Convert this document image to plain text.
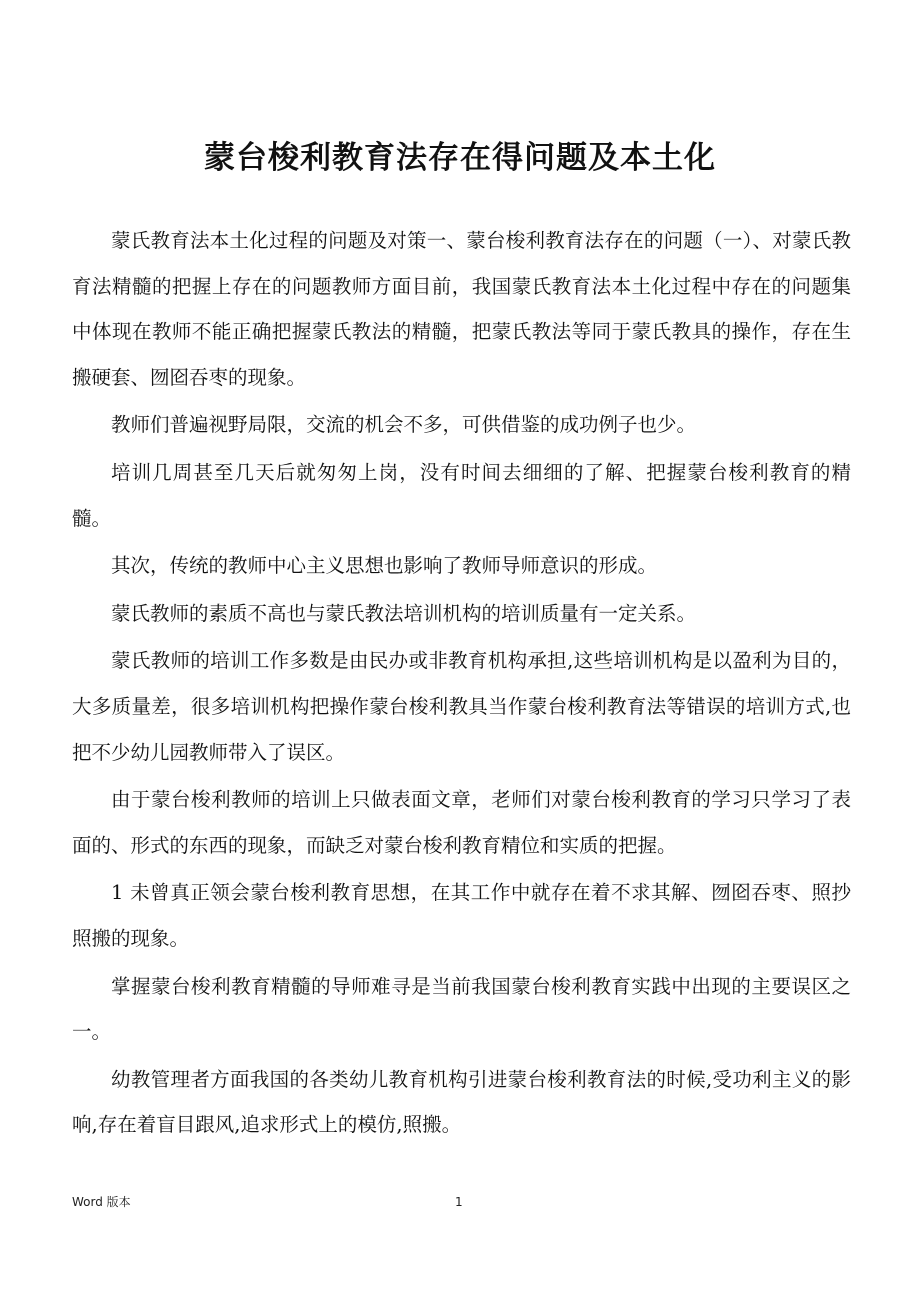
蒙台梭利教育法存在得问题及本土化

蒙氏教育法本土化过程的问题及对策一、蒙台梭利教育法存在的问题（一）、对蒙氏教育法精髓的把握上存在的问题教师方面目前，我国蒙氏教育法本土化过程中存在的问题集中体现在教师不能正确把握蒙氏教法的精髓，把蒙氏教法等同于蒙氏教具的操作，存在生搬硬套、囫囵吞枣的现象。

教师们普遍视野局限，交流的机会不多，可供借鉴的成功例子也少。

培训几周甚至几天后就匆匆上岗，没有时间去细细的了解、把握蒙台梭利教育的精髓。

其次，传统的教师中心主义思想也影响了教师导师意识的形成。

蒙氏教师的素质不高也与蒙氏教法培训机构的培训质量有一定关系。

蒙氏教师的培训工作多数是由民办或非教育机构承担,这些培训机构是以盈利为目的，大多质量差，很多培训机构把操作蒙台梭利教具当作蒙台梭利教育法等错误的培训方式,也把不少幼儿园教师带入了误区。

由于蒙台梭利教师的培训上只做表面文章，老师们对蒙台梭利教育的学习只学习了表面的、形式的东西的现象，而缺乏对蒙台梭利教育精位和实质的把握。

1 未曾真正领会蒙台梭利教育思想，在其工作中就存在着不求其解、囫囵吞枣、照抄照搬的现象。

掌握蒙台梭利教育精髓的导师难寻是当前我国蒙台梭利教育实践中出现的主要误区之一。

幼教管理者方面我国的各类幼儿教育机构引进蒙台梭利教育法的时候,受功利主义的影响,存在着盲目跟风,追求形式上的模仿,照搬。

Word 版本	1
